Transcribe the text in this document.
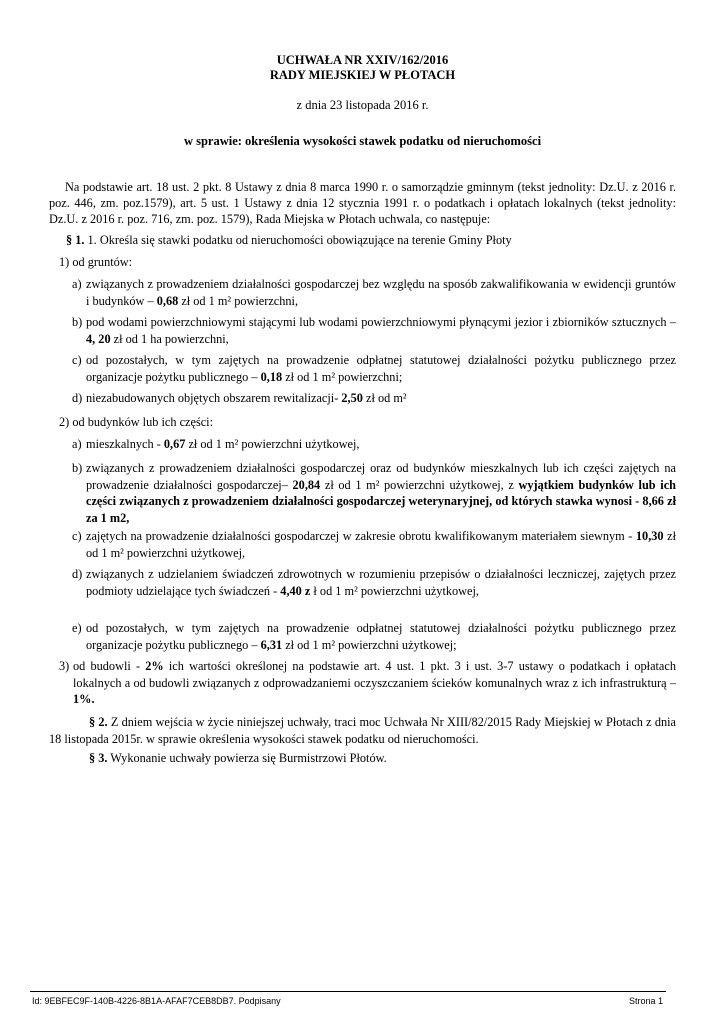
UCHWAŁA NR XXIV/162/2016
RADY MIEJSKIEJ W PŁOTACH
z dnia 23 listopada 2016 r.
w sprawie: określenia wysokości stawek podatku od nieruchomości
Na podstawie art. 18 ust. 2 pkt. 8 Ustawy z dnia 8 marca 1990 r. o samorządzie gminnym (tekst jednolity: Dz.U. z 2016 r. poz. 446, zm. poz.1579), art. 5 ust. 1 Ustawy z dnia 12 stycznia 1991 r. o podatkach i opłatach lokalnych (tekst jednolity: Dz.U. z 2016 r. poz. 716, zm. poz. 1579), Rada Miejska w Płotach uchwala, co następuje:
§ 1. 1. Określa się stawki podatku od nieruchomości obowiązujące na terenie Gminy Płoty
1) od gruntów:
a) związanych z prowadzeniem działalności gospodarczej bez względu na sposób zakwalifikowania w ewidencji gruntów i budynków – 0,68 zł od 1 m² powierzchni,
b) pod wodami powierzchniowymi stającymi lub wodami powierzchniowymi płynącymi jezior i zbiorników sztucznych – 4, 20 zł od 1 ha powierzchni,
c) od pozostałych, w tym zajętych na prowadzenie odpłatnej statutowej działalności pożytku publicznego przez organizacje pożytku publicznego – 0,18 zł od 1 m² powierzchni;
d) niezabudowanych objętych obszarem rewitalizacji- 2,50 zł od m²
2) od budynków lub ich części:
a) mieszkalnych - 0,67 zł od 1 m² powierzchni użytkowej,
b) związanych z prowadzeniem działalności gospodarczej oraz od budynków mieszkalnych lub ich części zajętych na prowadzenie działalności gospodarczej– 20,84 zł od 1 m² powierzchni użytkowej, z wyjątkiem budynków lub ich części związanych z prowadzeniem działalności gospodarczej weterynaryjnej, od których stawka wynosi - 8,66 zł za 1 m2,
c) zajętych na prowadzenie działalności gospodarczej w zakresie obrotu kwalifikowanym materiałem siewnym - 10,30 zł od 1 m² powierzchni użytkowej,
d) związanych z udzielaniem świadczeń zdrowotnych w rozumieniu przepisów o działalności leczniczej, zajętych przez podmioty udzielające tych świadczeń - 4,40 z ł od 1 m² powierzchni użytkowej,
e) od pozostałych, w tym zajętych na prowadzenie odpłatnej statutowej działalności pożytku publicznego przez organizacje pożytku publicznego – 6,31 zł od 1 m² powierzchni użytkowej;
3) od budowli - 2% ich wartości określonej na podstawie art. 4 ust. 1 pkt. 3 i ust. 3-7 ustawy o podatkach i opłatach lokalnych a od budowli związanych z odprowadzaniemi oczyszczaniem ścieków komunalnych wraz z ich infrastrukturą – 1%.
§ 2. Z dniem wejścia w życie niniejszej uchwały, traci moc Uchwała Nr XIII/82/2015 Rady Miejskiej w Płotach z dnia 18 listopada 2015r. w sprawie określenia wysokości stawek podatku od nieruchomości.
§ 3. Wykonanie uchwały powierza się Burmistrzowi Płotów.
Id: 9EBFEC9F-140B-4226-8B1A-AFAF7CEB8DB7. Podpisany	Strona 1
